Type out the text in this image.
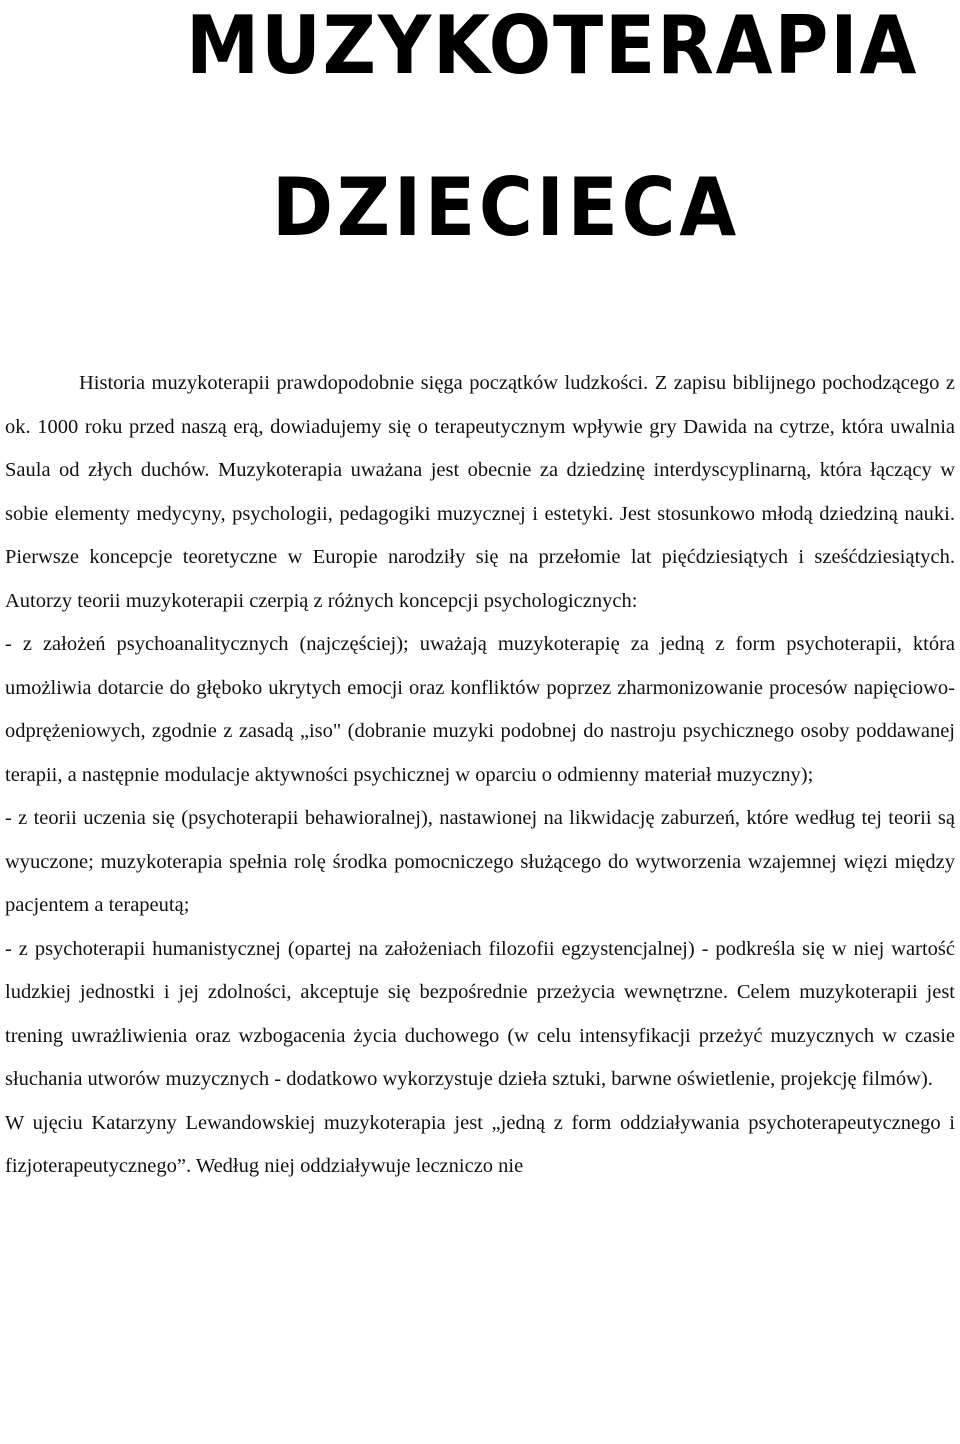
MUZYKOTERAPIA
DZIECIECA

Historia muzykoterapii prawdopodobnie sięga początków ludzkości. Z zapisu biblijnego pochodzącego z ok. 1000 roku przed naszą erą, dowiadujemy się o terapeutycznym wpływie gry Dawida na cytrze, która uwalnia Saula od złych duchów. Muzykoterapia uważana jest obecnie za dziedzinę interdyscyplinarną, która łączący w sobie elementy medycyny, psychologii, pedagogiki muzycznej i estetyki. Jest stosunkowo młodą dziedziną nauki. Pierwsze koncepcje teoretyczne w Europie narodziły się na przełomie lat pięćdziesiątych i sześćdziesiątych. Autorzy teorii muzykoterapii czerpią z różnych koncepcji psychologicznych:

- z założeń psychoanalitycznych (najczęściej); uważają muzykoterapię za jedną z form psychoterapii, która umożliwia dotarcie do głęboko ukrytych emocji oraz konfliktów poprzez zharmonizowanie procesów napięciowo-odprężeniowych, zgodnie z zasadą „iso" (dobranie muzyki podobnej do nastroju psychicznego osoby poddawanej terapii, a następnie modulacje aktywności psychicznej w oparciu o odmienny materiał muzyczny);

- z teorii uczenia się (psychoterapii behawioralnej), nastawionej na likwidację zaburzeń, które według tej teorii są wyuczone; muzykoterapia spełnia rolę środka pomocniczego służącego do wytworzenia wzajemnej więzi między pacjentem a terapeutą;

- z psychoterapii humanistycznej (opartej na założeniach filozofii egzystencjalnej) - podkreśla się w niej wartość ludzkiej jednostki i jej zdolności, akceptuje się bezpośrednie przeżycia wewnętrzne. Celem muzykoterapii jest trening uwrażliwienia oraz wzbogacenia życia duchowego (w celu intensyfikacji przeżyć muzycznych w czasie słuchania utworów muzycznych - dodatkowo wykorzystuje dzieła sztuki, barwne oświetlenie, projekcję filmów).

W ujęciu Katarzyny Lewandowskiej muzykoterapia jest „jedną z form oddziaływania psychoterapeutycznego i fizjoterapeutycznego”. Według niej oddziaływuje leczniczo nie
